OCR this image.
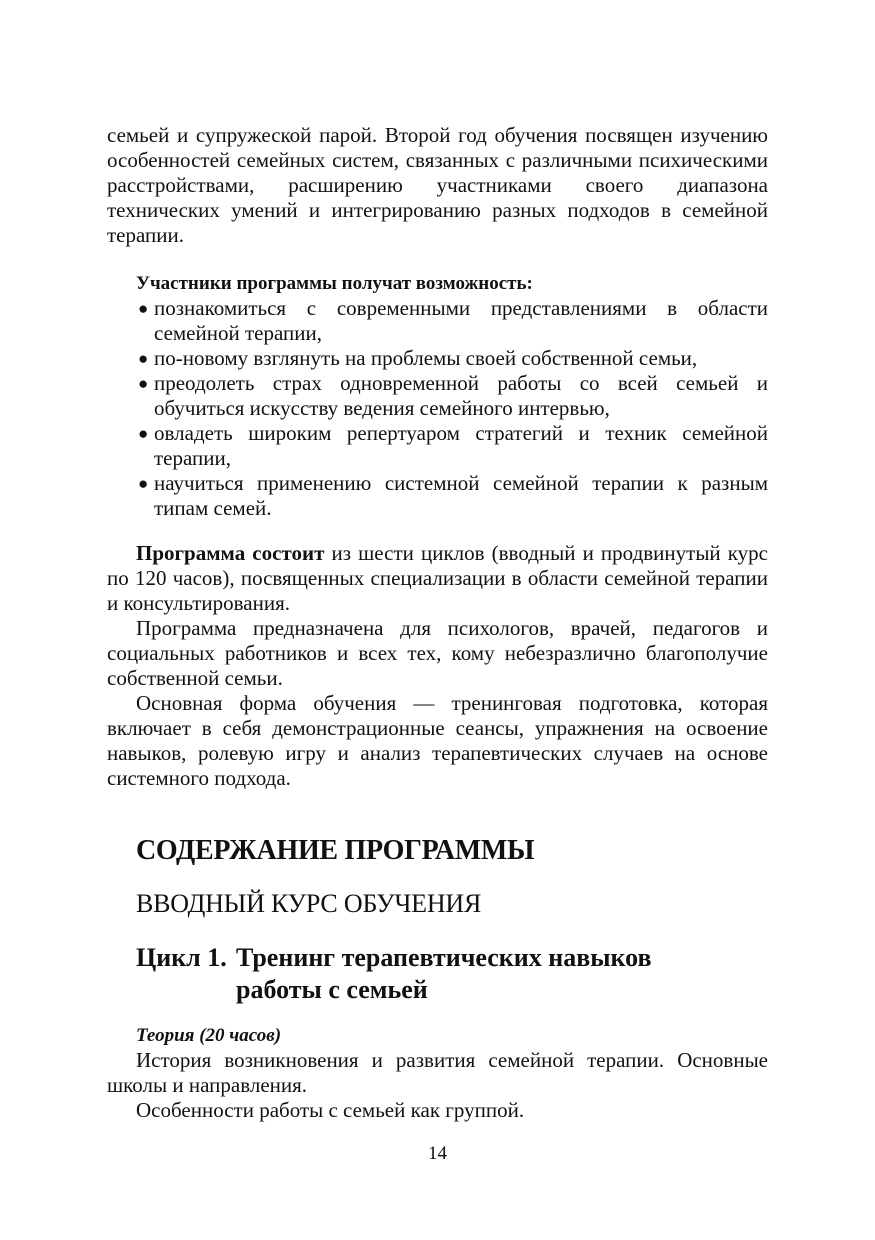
семьей и супружеской парой. Второй год обучения посвящен изучению особенностей семейных систем, связанных с различными психическими расстройствами, расширению участниками своего диапазона технических умений и интегрированию разных подходов в семейной терапии.

Участники программы получат возможность:

● познакомиться с современными представлениями в области семейной терапии,
● по-новому взглянуть на проблемы своей собственной семьи,
● преодолеть страх одновременной работы со всей семьей и обучиться искусству ведения семейного интервью,
● овладеть широким репертуаром стратегий и техник семейной терапии,
● научиться применению системной семейной терапии к разным типам семей.

Программа состоит из шести циклов (вводный и продвинутый курс по 120 часов), посвященных специализации в области семейной терапии и консультирования.

Программа предназначена для психологов, врачей, педагогов и социальных работников и всех тех, кому небезразлично благополучие собственной семьи.

Основная форма обучения — тренинговая подготовка, которая включает в себя демонстрационные сеансы, упражнения на освоение навыков, ролевую игру и анализ терапевтических случаев на основе системного подхода.

СОДЕРЖАНИЕ ПРОГРАММЫ
ВВОДНЫЙ КУРС ОБУЧЕНИЯ
Цикл 1. Тренинг терапевтических навыков
работы с семьей

Теория (20 часов)

История возникновения и развития семейной терапии. Основные школы и направления.

Особенности работы с семьей как группой.

14
